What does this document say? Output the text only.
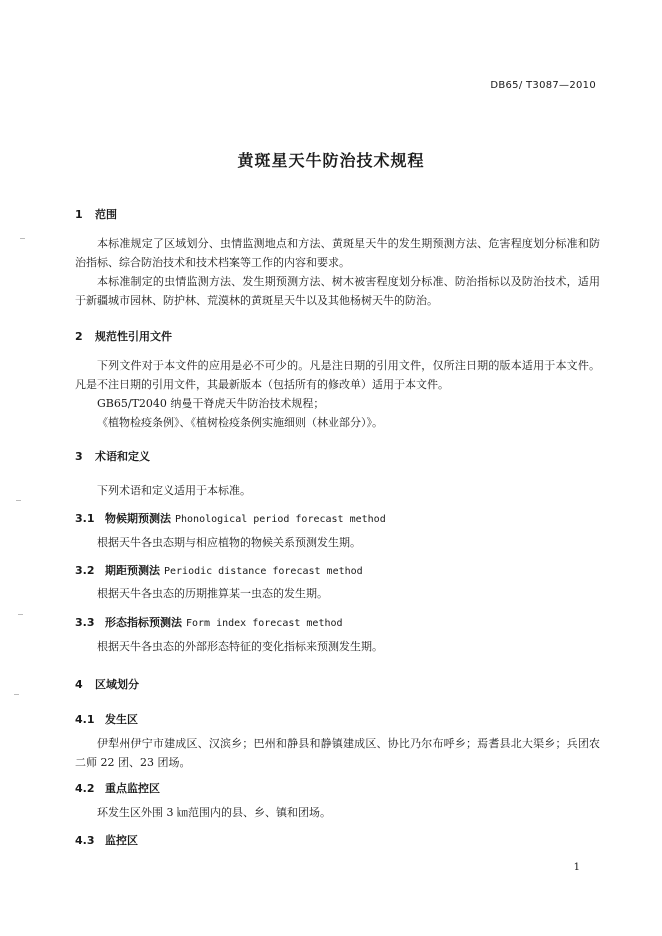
DB65/ T3087—2010
黄斑星天牛防治技术规程
1 范围

本标准规定了区域划分、虫情监测地点和方法、黄斑星天牛的发生期预测方法、危害程度划分标准和防治指标、综合防治技术和技术档案等工作的内容和要求。

本标准制定的虫情监测方法、发生期预测方法、树木被害程度划分标准、防治指标以及防治技术，适用于新疆城市园林、防护林、荒漠林的黄斑星天牛以及其他杨树天牛的防治。

2 规范性引用文件

下列文件对于本文件的应用是必不可少的。凡是注日期的引用文件，仅所注日期的版本适用于本文件。凡是不注日期的引用文件，其最新版本（包括所有的修改单）适用于本文件。

GB65/T2040 纳曼干脊虎天牛防治技术规程；
《植物检疫条例》、《植树检疫条例实施细则（林业部分）》。
3 术语和定义
下列术语和定义适用于本标准。
3.1 物候期预测法 Phonological period forecast method
根据天牛各虫态期与相应植物的物候关系预测发生期。
3.2 期距预测法 Periodic distance forecast method
根据天牛各虫态的历期推算某一虫态的发生期。
3.3 形态指标预测法 Form index forecast method
根据天牛各虫态的外部形态特征的变化指标来预测发生期。
4 区域划分
4.1 发生区

伊犁州伊宁市建成区、汉滨乡；巴州和静县和静镇建成区、协比乃尔布呼乡；焉耆县北大渠乡；兵团农二师 22 团、23 团场。

4.2 重点监控区
环发生区外围 3 ㎞范围内的县、乡、镇和团场。
4.3 监控区
1
